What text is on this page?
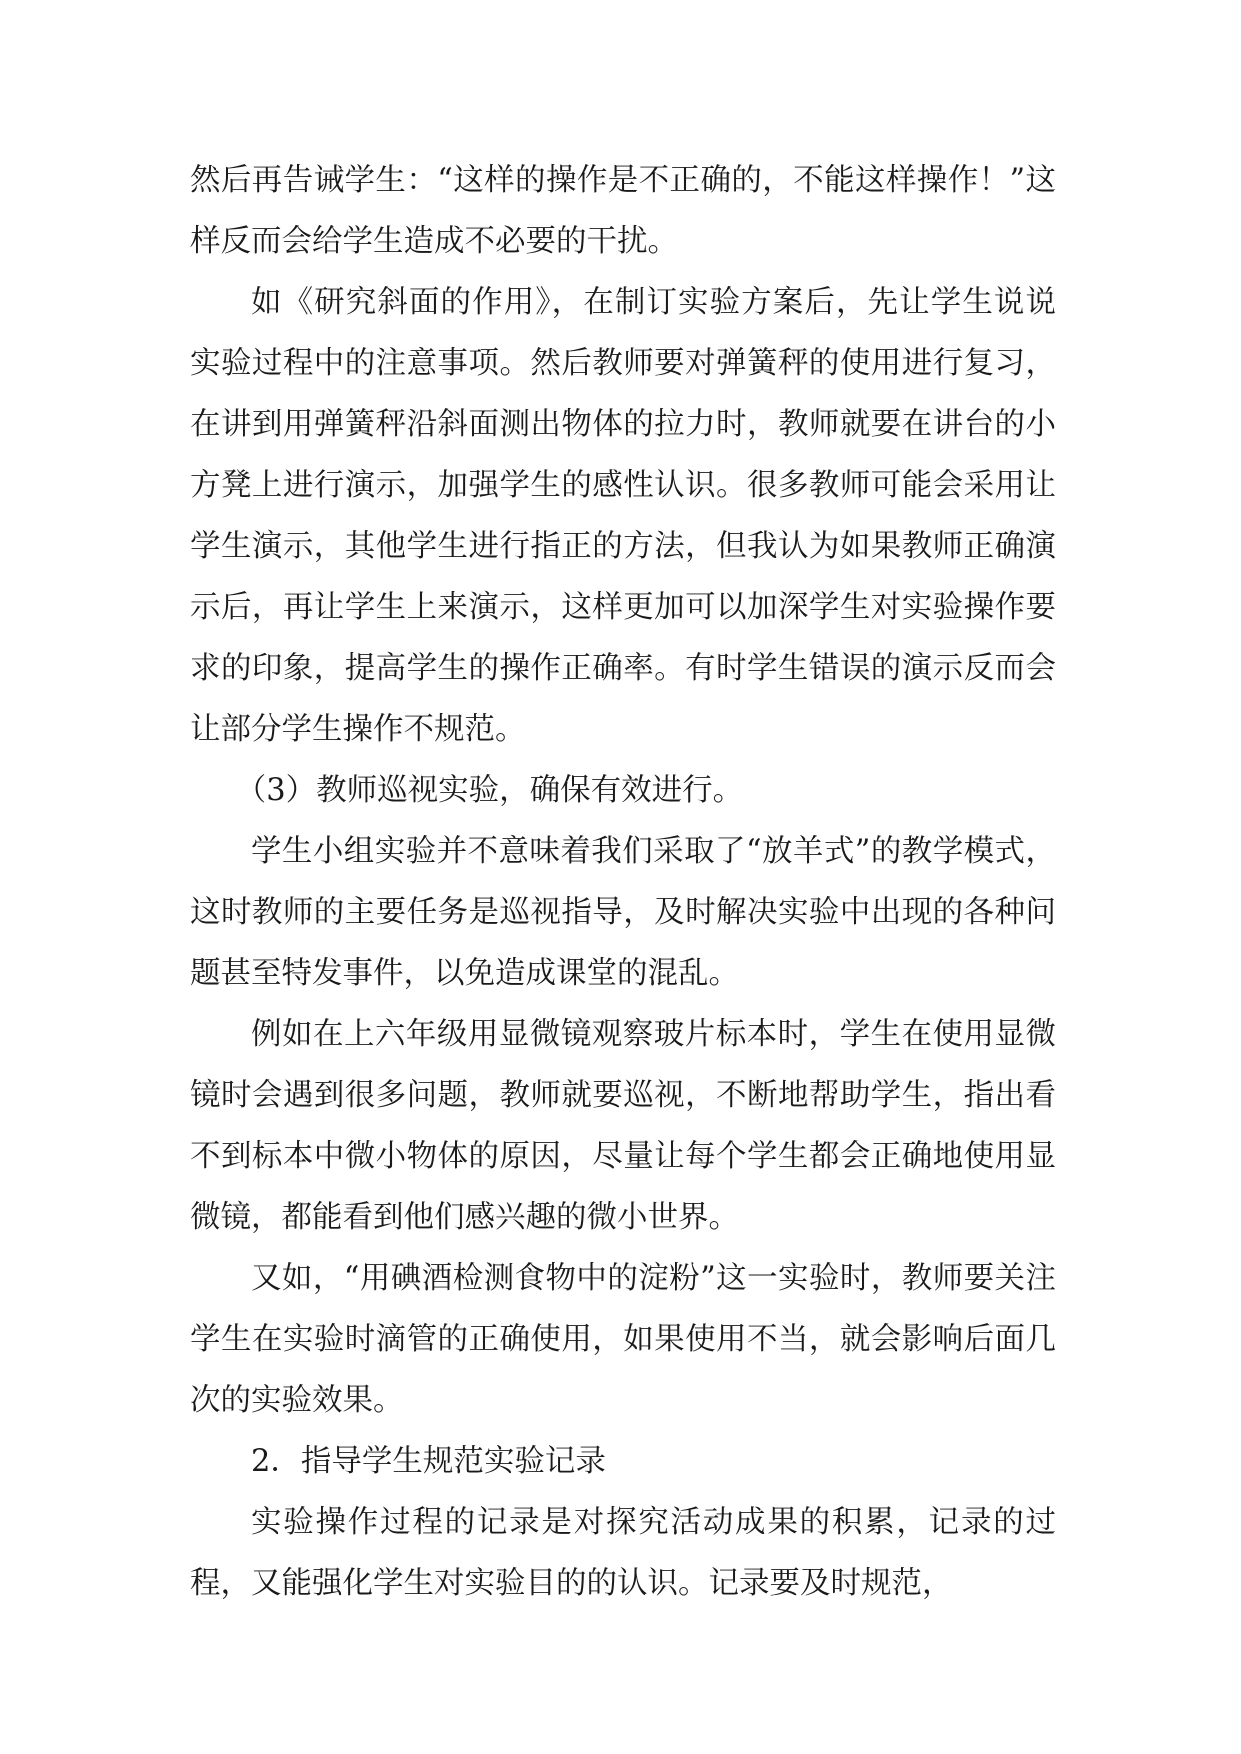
然后再告诫学生：“这样的操作是不正确的，不能这样操作！”这样反而会给学生造成不必要的干扰。

如《研究斜面的作用》，在制订实验方案后，先让学生说说实验过程中的注意事项。然后教师要对弹簧秤的使用进行复习，在讲到用弹簧秤沿斜面测出物体的拉力时，教师就要在讲台的小方凳上进行演示，加强学生的感性认识。很多教师可能会采用让学生演示，其他学生进行指正的方法，但我认为如果教师正确演示后，再让学生上来演示，这样更加可以加深学生对实验操作要求的印象，提高学生的操作正确率。有时学生错误的演示反而会让部分学生操作不规范。

（3）教师巡视实验，确保有效进行。

学生小组实验并不意味着我们采取了“放羊式”的教学模式，这时教师的主要任务是巡视指导，及时解决实验中出现的各种问题甚至特发事件，以免造成课堂的混乱。

例如在上六年级用显微镜观察玻片标本时，学生在使用显微镜时会遇到很多问题，教师就要巡视，不断地帮助学生，指出看不到标本中微小物体的原因，尽量让每个学生都会正确地使用显微镜，都能看到他们感兴趣的微小世界。

又如，“用碘酒检测食物中的淀粉”这一实验时，教师要关注学生在实验时滴管的正确使用，如果使用不当，就会影响后面几次的实验效果。

2．指导学生规范实验记录

实验操作过程的记录是对探究活动成果的积累，记录的过程，又能强化学生对实验目的的认识。记录要及时规范，
